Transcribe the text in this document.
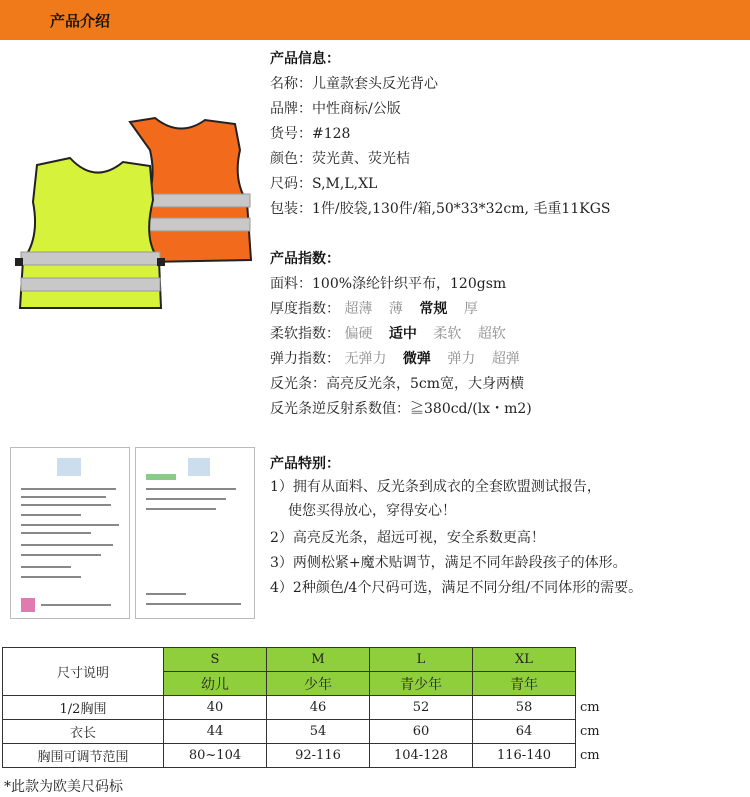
产品介绍
产品信息：
名称：儿童款套头反光背心
品牌：中性商标/公版
货号：#128
颜色：荧光黄、荧光桔
尺码：S,M,L,XL
包装：1件/胶袋,130件/箱,50*33*32cm, 毛重11KGS
产品指数：
面料：100%涤纶针织平布，120gsm
厚度指数： 超薄 薄 常规 厚
柔软指数： 偏硬 适中 柔软 超软
弹力指数： 无弹力 微弹 弹力 超弹
反光条：高亮反光条，5cm宽，大身两横
反光条逆反射系数值：≧380cd/(lx・m2)
产品特别：
1）拥有从面料、反光条到成衣的全套欧盟测试报告，
使您买得放心，穿得安心！
2）高亮反光条，超远可视，安全系数更高！
3）两侧松紧+魔术贴调节，满足不同年龄段孩子的体形。
4）2种颜色/4个尺码可选，满足不同分组/不同体形的需要。
尺寸说明	S	M	L	XL	
	幼儿	少年	青少年	青年	
1/2胸围	40	46	52	58	cm
衣长	44	54	60	64	cm
胸围可调节范围	80~104	92-116	104-128	116-140	cm
*此款为欧美尺码标
